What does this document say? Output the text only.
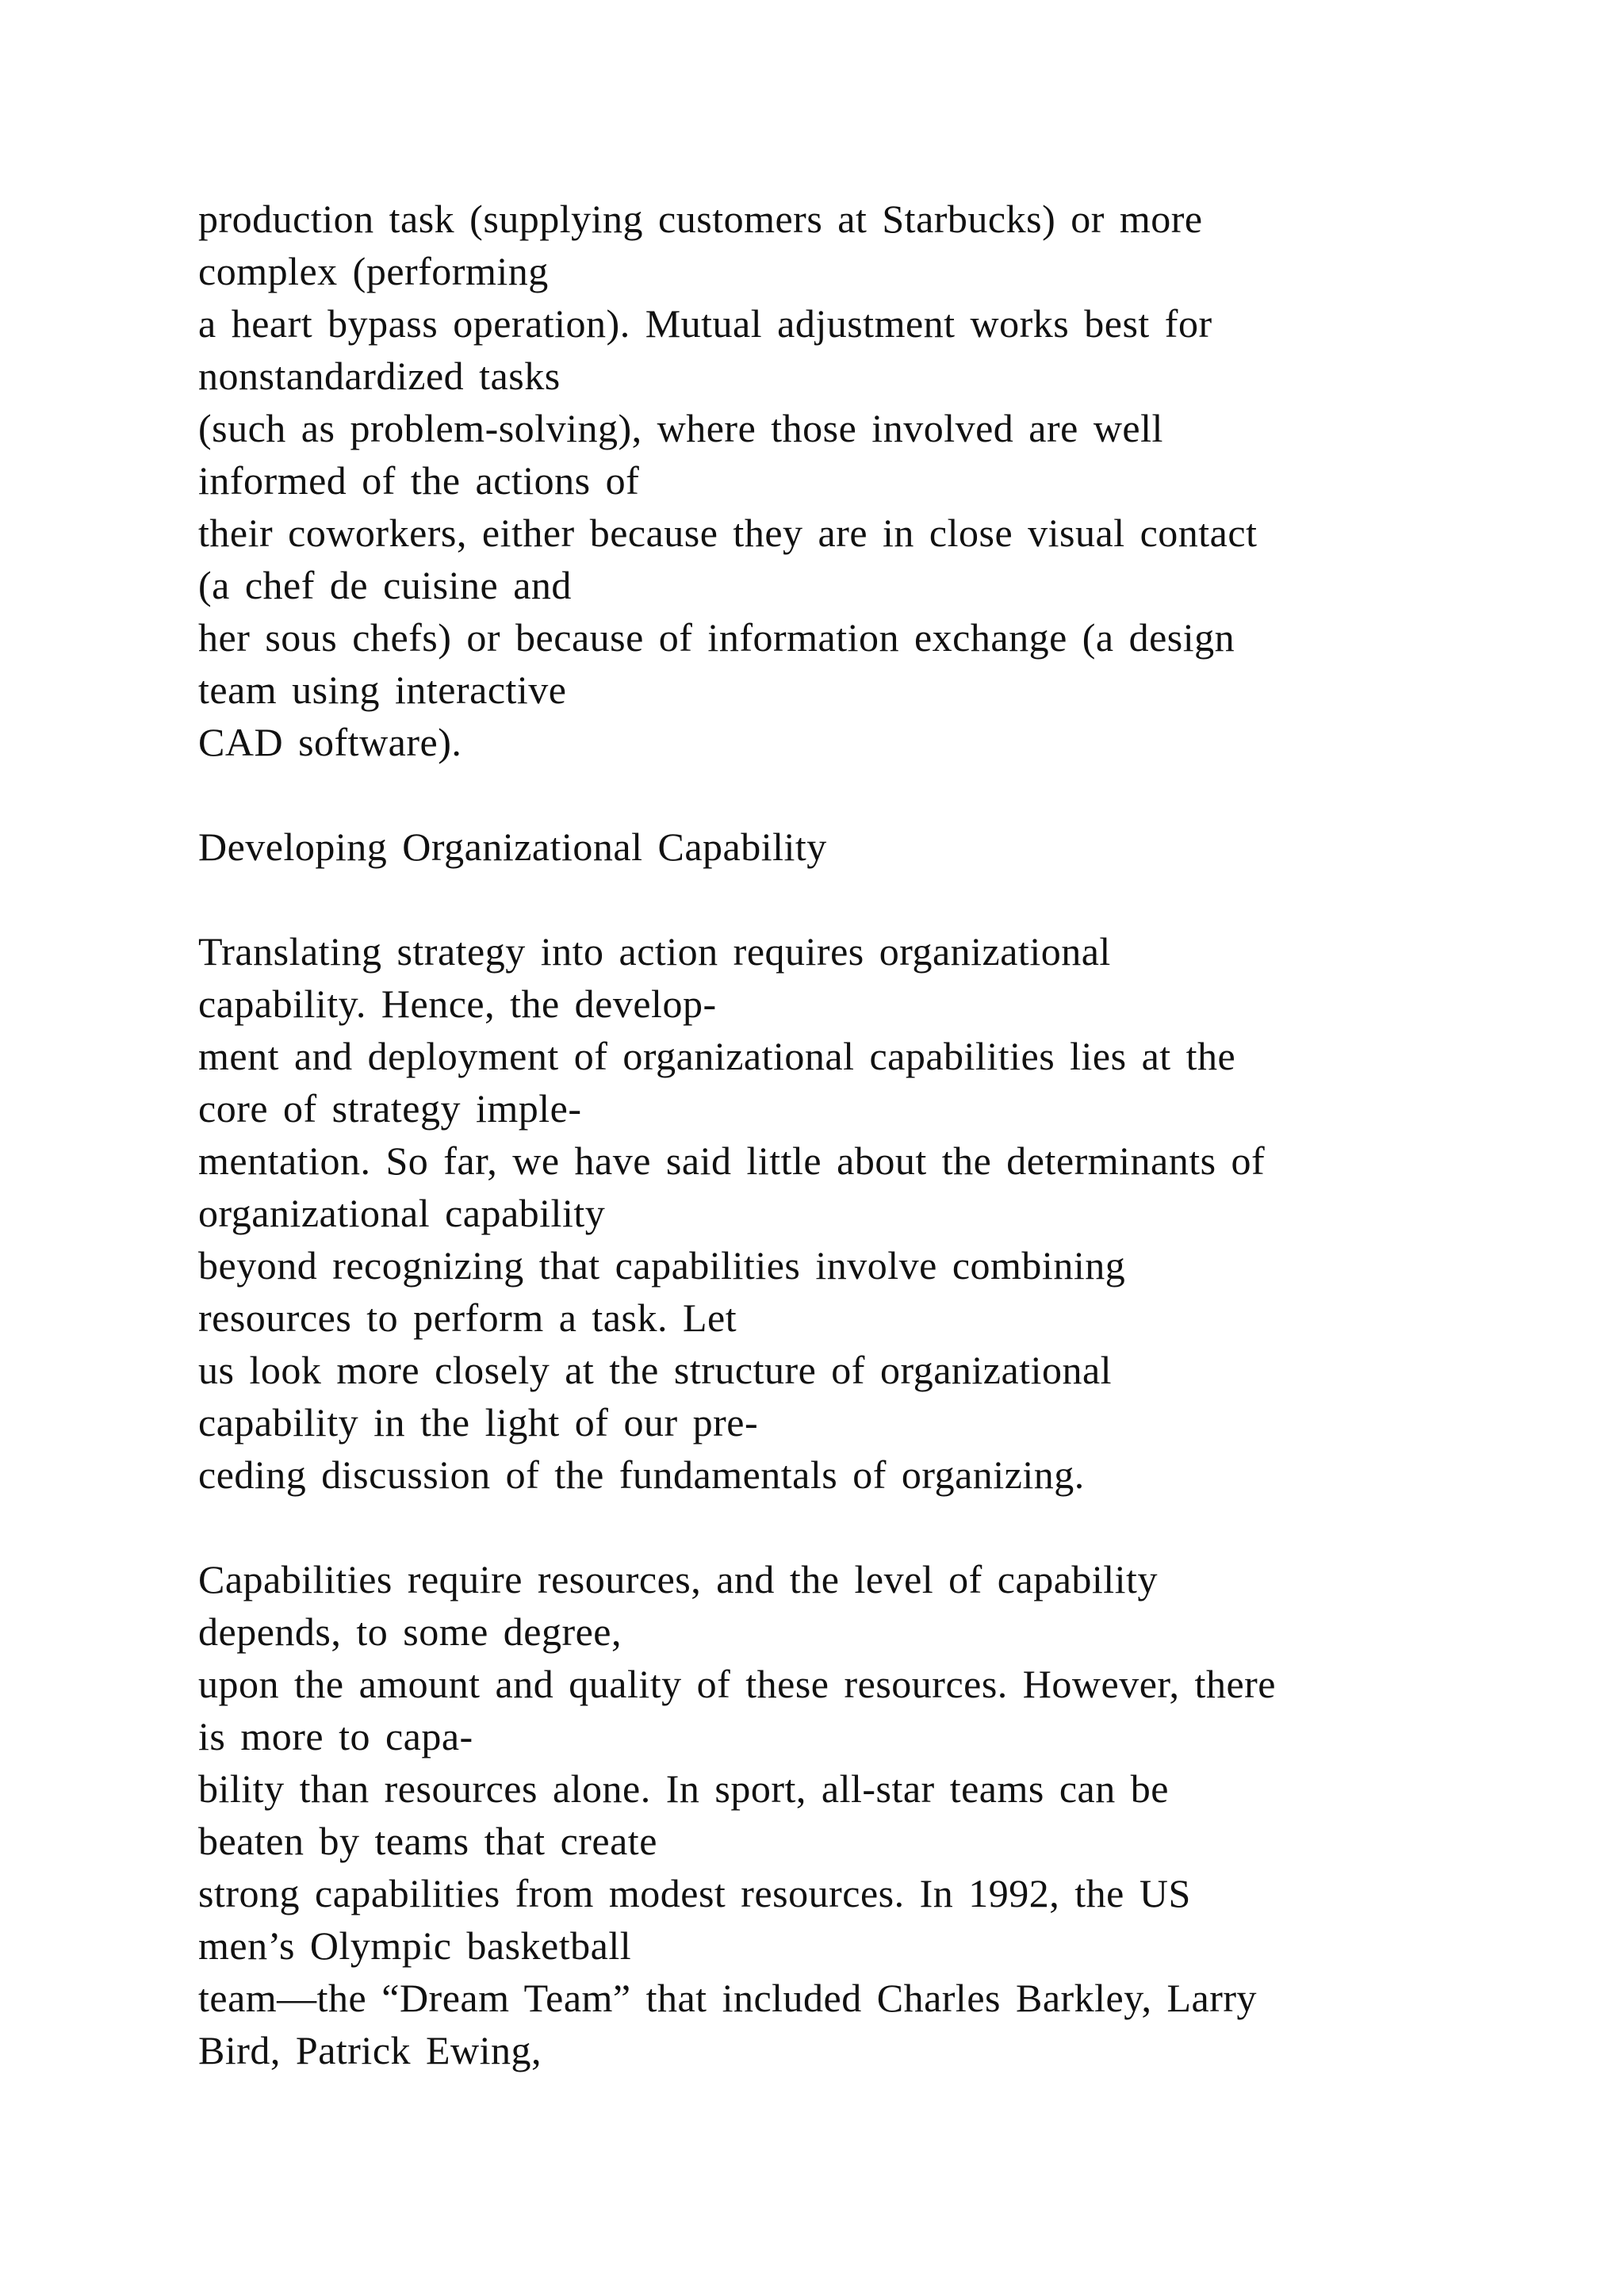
production task (supplying customers at Starbucks) or more
complex (performing
a heart bypass operation). Mutual adjustment works best for
nonstandardized tasks
(such as problem-solving), where those involved are well
informed of the actions of
their coworkers, either because they are in close visual contact
(a chef de cuisine and
her sous chefs) or because of information exchange (a design
team using interactive
CAD software).
Developing Organizational Capability
Translating strategy into action requires organizational
capability. Hence, the develop-
ment and deployment of organizational capabilities lies at the
core of strategy imple-
mentation. So far, we have said little about the determinants of
organizational capability
beyond recognizing that capabilities involve combining
resources to perform a task. Let
us look more closely at the structure of organizational
capability in the light of our pre-
ceding discussion of the fundamentals of organizing.
Capabilities require resources, and the level of capability
depends, to some degree,
upon the amount and quality of these resources. However, there
is more to capa-
bility than resources alone. In sport, all-star teams can be
beaten by teams that create
strong capabilities from modest resources. In 1992, the US
men’s Olympic basketball
team—the “Dream Team” that included Charles Barkley, Larry
Bird, Patrick Ewing,
